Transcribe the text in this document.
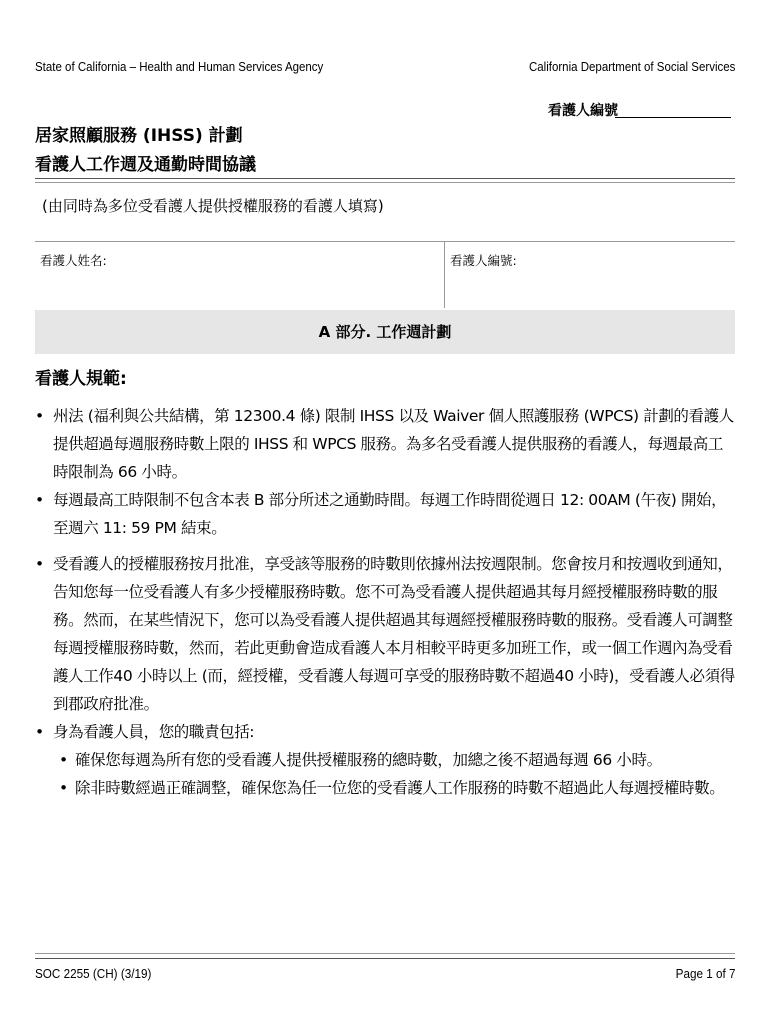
State of California – Health and Human Services Agency	California Department of Social Services
看護人編號
居家照顧服務 (IHSS) 計劃
看護人工作週及通勤時間協議
(由同時為多位受看護人提供授權服務的看護人填寫)
看護人姓名:	看護人編號:
A 部分. 工作週計劃
看護人規範:
• 州法 (福利與公共結構，第 12300.4 條) 限制 IHSS 以及 Waiver 個人照護服務 (WPCS) 計劃的看護人提供超過每週服務時數上限的 IHSS 和 WPCS 服務。為多名受看護人提供服務的看護人，每週最高工時限制為 66 小時。
• 每週最高工時限制不包含本表 B 部分所述之通勤時間。每週工作時間從週日 12: 00AM (午夜) 開始，至週六 11: 59 PM 結束。
• 受看護人的授權服務按月批准，享受該等服務的時數則依據州法按週限制。您會按月和按週收到通知，告知您每一位受看護人有多少授權服務時數。您不可為受看護人提供超過其每月經授權服務時數的服務。然而，在某些情況下，您可以為受看護人提供超過其每週經授權服務時數的服務。受看護人可調整每週授權服務時數，然而，若此更動會造成看護人本月相較平時更多加班工作，或一個工作週內為受看護人工作40 小時以上 (而，經授權，受看護人每週可享受的服務時數不超過40 小時)，受看護人必須得到郡政府批准。
• 身為看護人員，您的職責包括:
• 確保您每週為所有您的受看護人提供授權服務的總時數，加總之後不超過每週 66 小時。
• 除非時數經過正確調整，確保您為任一位您的受看護人工作服務的時數不超過此人每週授權時數。
SOC 2255 (CH) (3/19)	Page 1 of 7
